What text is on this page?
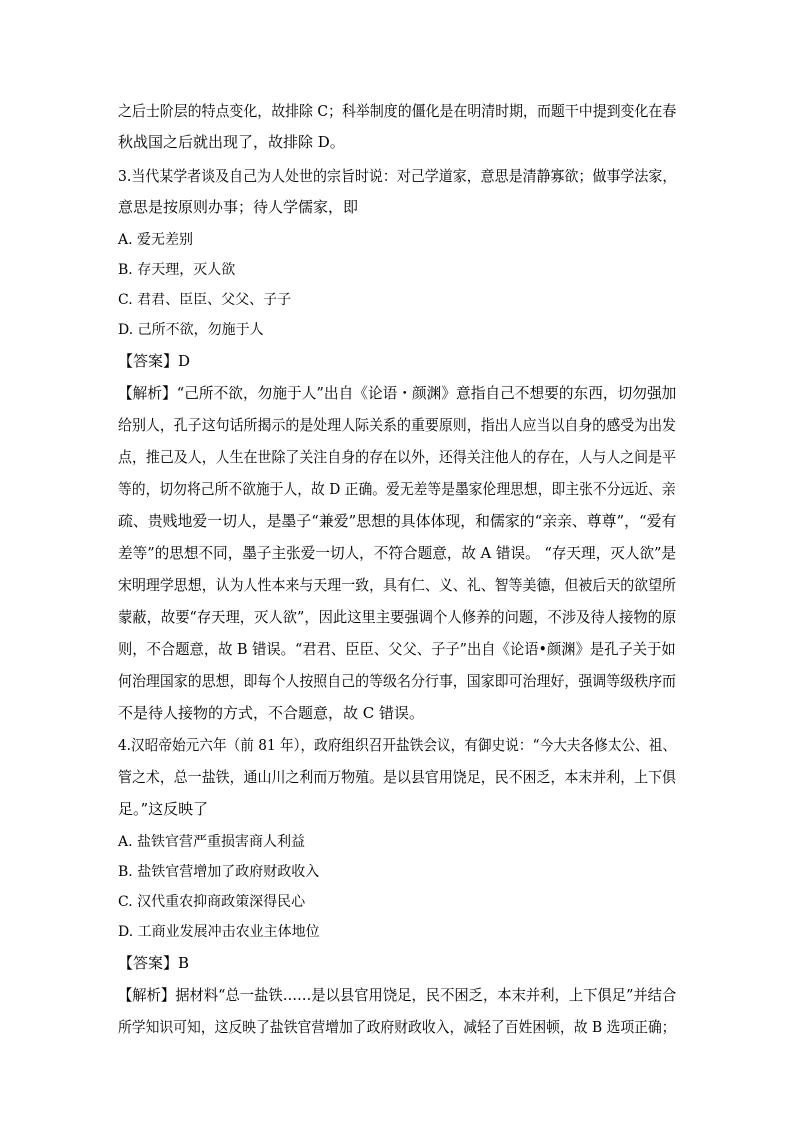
之后士阶层的特点变化，故排除 C；科举制度的僵化是在明清时期，而题干中提到变化在春
秋战国之后就出现了，故排除 D。
3.当代某学者谈及自己为人处世的宗旨时说：对己学道家，意思是清静寡欲；做事学法家，
意思是按原则办事；待人学儒家，即
A. 爱无差别
B. 存天理，灭人欲
C. 君君、臣臣、父父、子子
D. 己所不欲，勿施于人
【答案】D
【解析】“己所不欲，勿施于人”出自《论语・颜渊》意指自己不想要的东西，切勿强加
给别人，孔子这句话所揭示的是处理人际关系的重要原则，指出人应当以自身的感受为出发
点，推己及人，人生在世除了关注自身的存在以外，还得关注他人的存在，人与人之间是平
等的，切勿将己所不欲施于人，故 D 正确。爱无差等是墨家伦理思想，即主张不分远近、亲
疏、贵贱地爱一切人，是墨子“兼爱”思想的具体体现，和儒家的“亲亲、尊尊”，“爱有
差等”的思想不同，墨子主张爱一切人，不符合题意，故 A 错误。 “存天理，灭人欲”是
宋明理学思想，认为人性本来与天理一致，具有仁、义、礼、智等美德，但被后天的欲望所
蒙蔽，故要“存天理，灭人欲”，因此这里主要强调个人修养的问题，不涉及待人接物的原
则，不合题意，故 B 错误。“君君、臣臣、父父、子子”出自《论语•颜渊》是孔子关于如
何治理国家的思想，即每个人按照自己的等级名分行事，国家即可治理好，强调等级秩序而
不是待人接物的方式，不合题意，故 C 错误。
4.汉昭帝始元六年（前 81 年），政府组织召开盐铁会议，有御史说：“今大夫各修太公、祖、
管之术，总一盐铁，通山川之利而万物殖。是以县官用饶足，民不困乏，本末并利，上下俱
足。”这反映了
A. 盐铁官营严重损害商人利益
B. 盐铁官营增加了政府财政收入
C. 汉代重农抑商政策深得民心
D. 工商业发展冲击农业主体地位
【答案】B
【解析】据材料“总一盐铁……是以县官用饶足，民不困乏，本末并利，上下俱足”并结合
所学知识可知，这反映了盐铁官营增加了政府财政收入，减轻了百姓困顿，故 B 选项正确；
